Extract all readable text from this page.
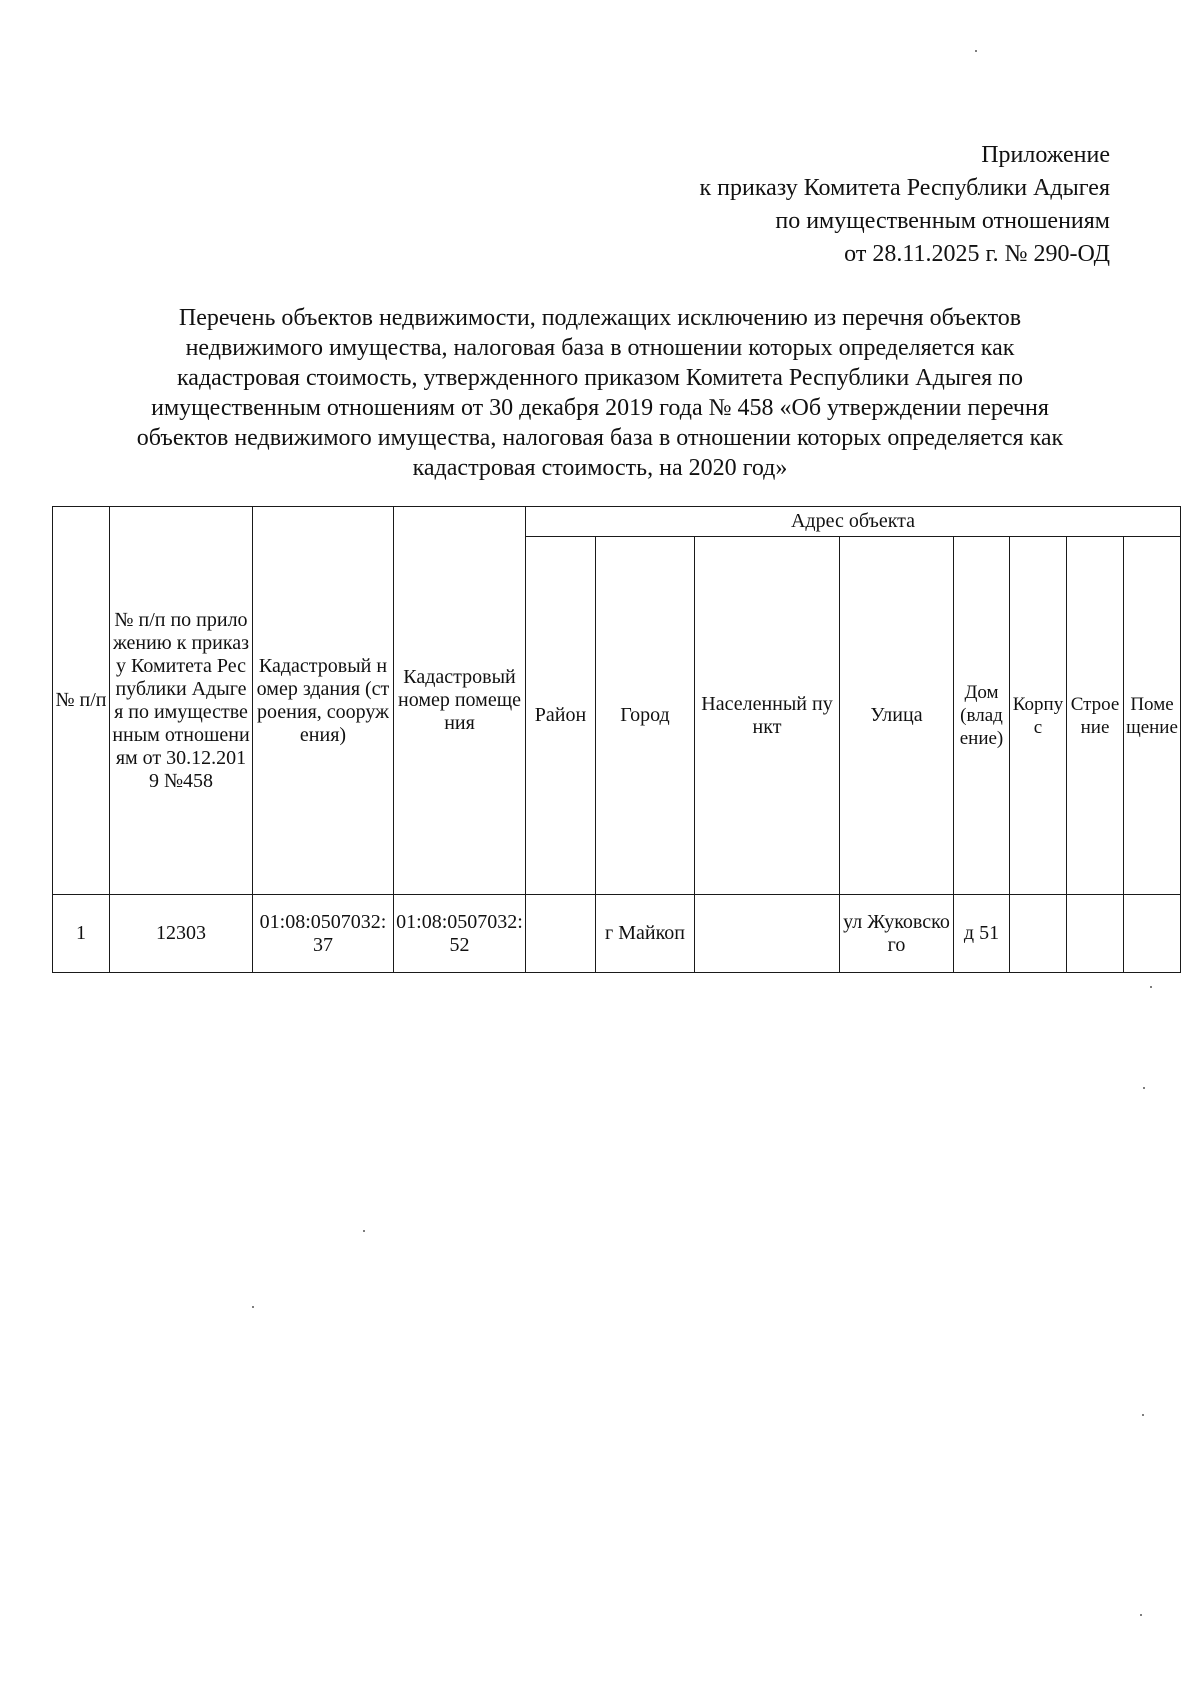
Приложение
к приказу Комитета Республики Адыгея
по имущественным отношениям
от 28.11.2025 г. № 290-ОД
Перечень объектов недвижимости, подлежащих исключению из перечня объектов
недвижимого имущества, налоговая база в отношении которых определяется как
кадастровая стоимость, утвержденного приказом Комитета Республики Адыгея по
имущественным отношениям от 30 декабря 2019 года № 458 «Об утверждении перечня
объектов недвижимого имущества, налоговая база в отношении которых определяется как
кадастровая стоимость, на 2020 год»
№ п/п	№ п/п по приложению к приказу Комитета Республики Адыгея по имущественным отношениям от 30.12.2019 №458	Кадастровый номер здания (строения, сооружения)	Кадастровый номер помещения	Адрес объекта							
				Район	Город	Населенный пункт	Улица	Дом (владение)	Корпус	Строение	Помещение
1	12303	01:08:0507032:37	01:08:0507032:52		г Майкоп		ул Жуковского	д 51			
